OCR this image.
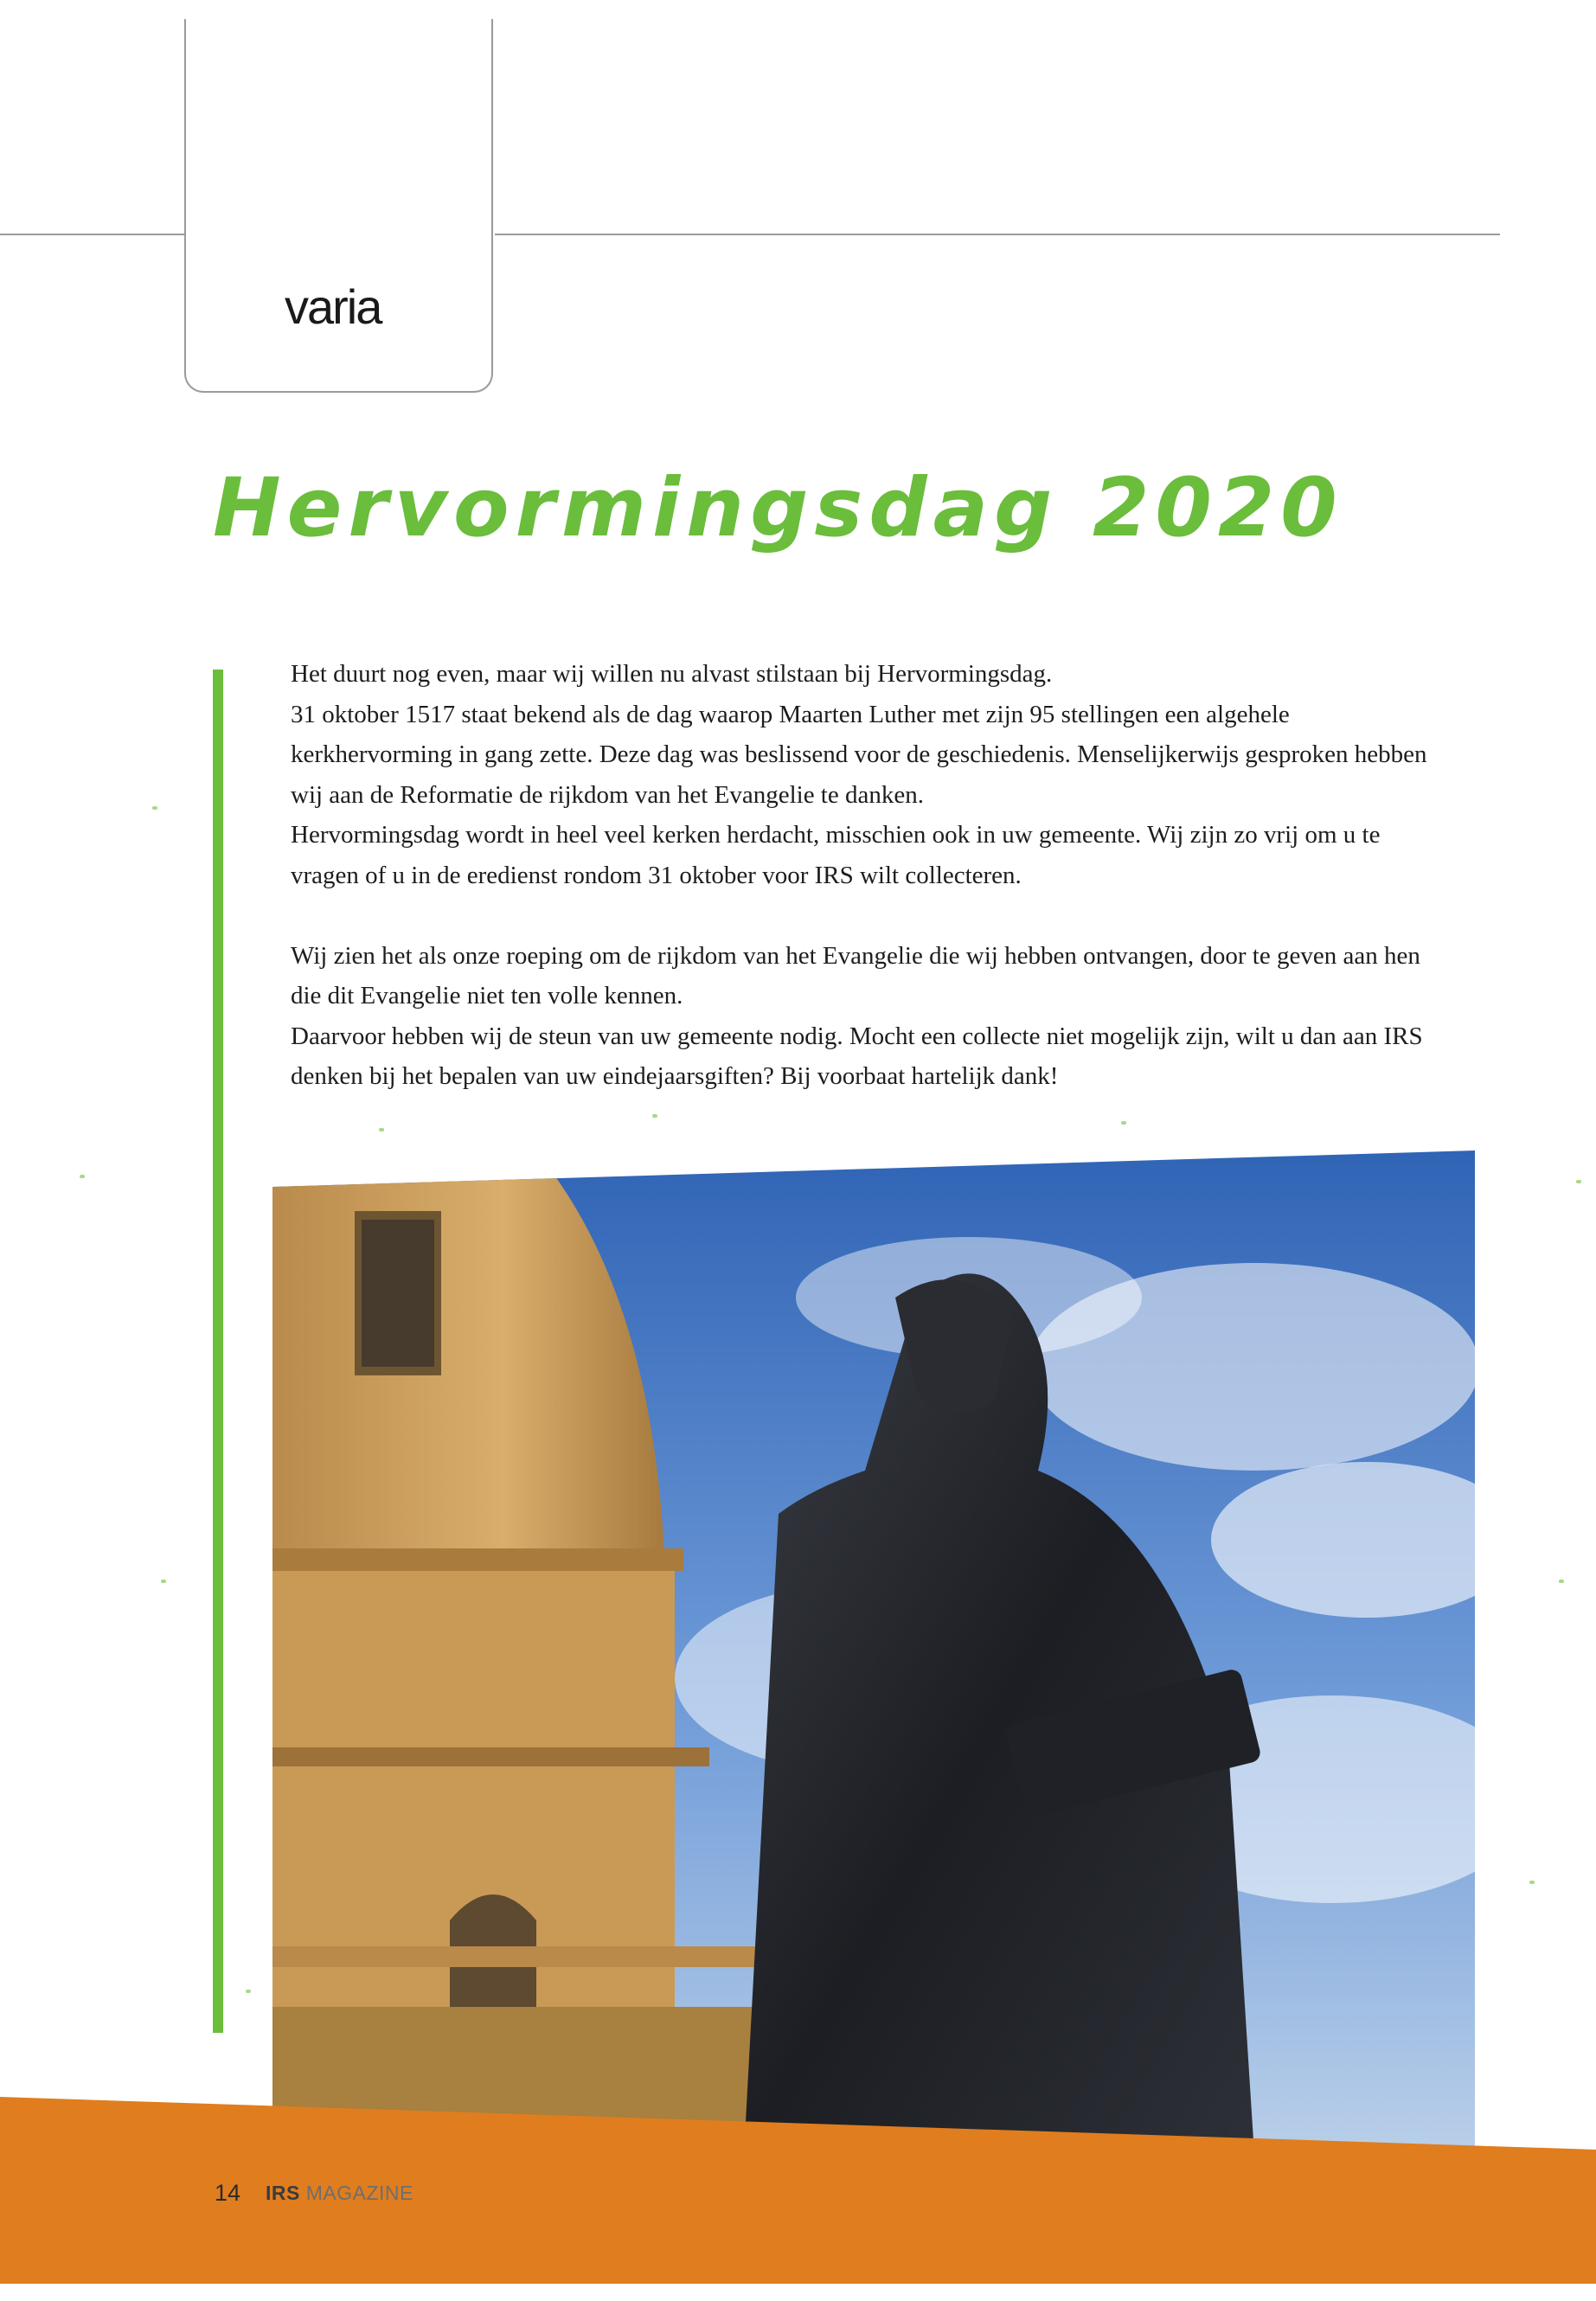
varia
Hervormingsdag 2020

Het duurt nog even, maar wij willen nu alvast stilstaan bij Hervormingsdag.
31 oktober 1517 staat bekend als de dag waarop Maarten Luther met zijn 95 stellingen een algehele
kerkhervorming in gang zette. Deze dag was beslissend voor de geschiedenis. Menselijkerwijs gesproken hebben
wij aan de Reformatie de rijkdom van het Evangelie te danken.
Hervormingsdag wordt in heel veel kerken herdacht, misschien ook in uw gemeente. Wij zijn zo vrij om u te
vragen of u in de eredienst rondom 31 oktober voor IRS wilt collecteren.

Wij zien het als onze roeping om de rijkdom van het Evangelie die wij hebben ontvangen, door te geven aan hen
die dit Evangelie niet ten volle kennen.
Daarvoor hebben wij de steun van uw gemeente nodig. Mocht een collecte niet mogelijk zijn, wilt u dan aan IRS
denken bij het bepalen van uw eindejaarsgiften? Bij voorbaat hartelijk dank!

14 IRS MAGAZINE
